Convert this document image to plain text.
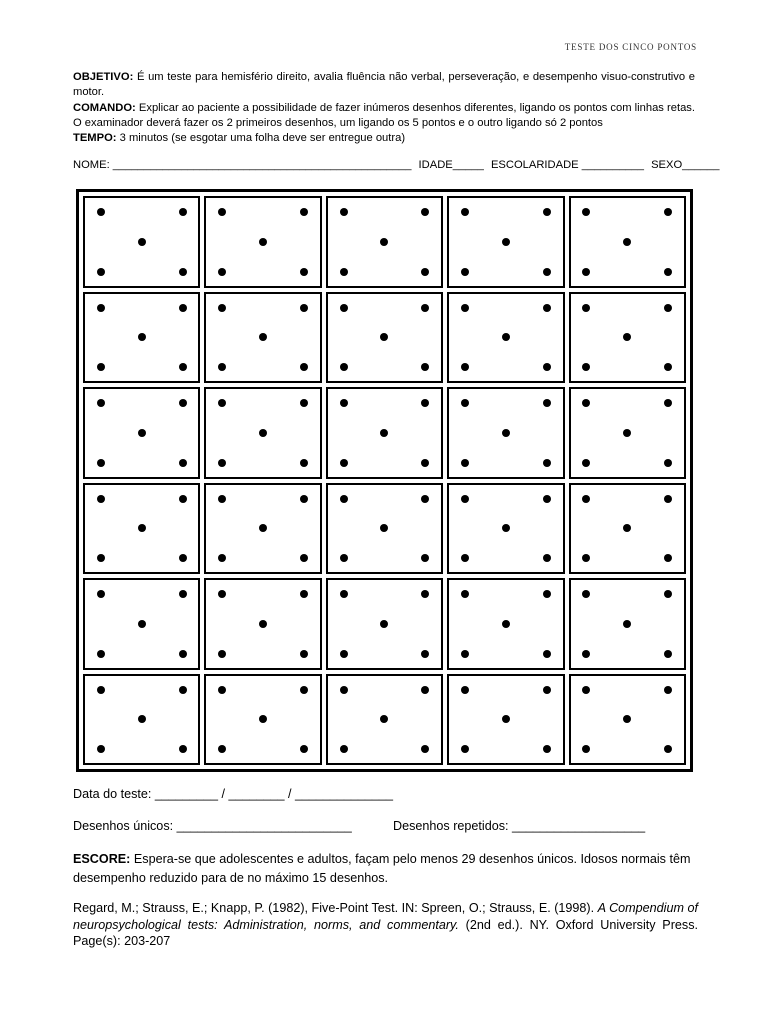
TESTE DOS CINCO PONTOS

OBJETIVO: É um teste para hemisfério direito, avalia fluência não verbal, perseveração, e desempenho visuo-construtivo e motor.

COMANDO: Explicar ao paciente a possibilidade de fazer inúmeros desenhos diferentes, ligando os pontos com linhas retas. O examinador deverá fazer os 2 primeiros desenhos, um ligando os 5 pontos e o outro ligando só 2 pontos

TEMPO: 3 minutos (se esgotar uma folha deve ser entregue outra)

NOME: ________________________________________________ IDADE_____ ESCOLARIDADE __________ SEXO______
Data do teste: _________ / ________ / ______________
Desenhos únicos: _________________________	Desenhos repetidos: ___________________
ESCORE: Espera-se que adolescentes e adultos, façam pelo menos 29 desenhos únicos. Idosos normais têm desempenho reduzido para de no máximo 15 desenhos.
Regard, M.; Strauss, E.; Knapp, P. (1982), Five-Point Test. IN: Spreen, O.; Strauss, E. (1998). A Compendium of neuropsychological tests: Administration, norms, and commentary. (2nd ed.). NY. Oxford University Press. Page(s): 203-207
